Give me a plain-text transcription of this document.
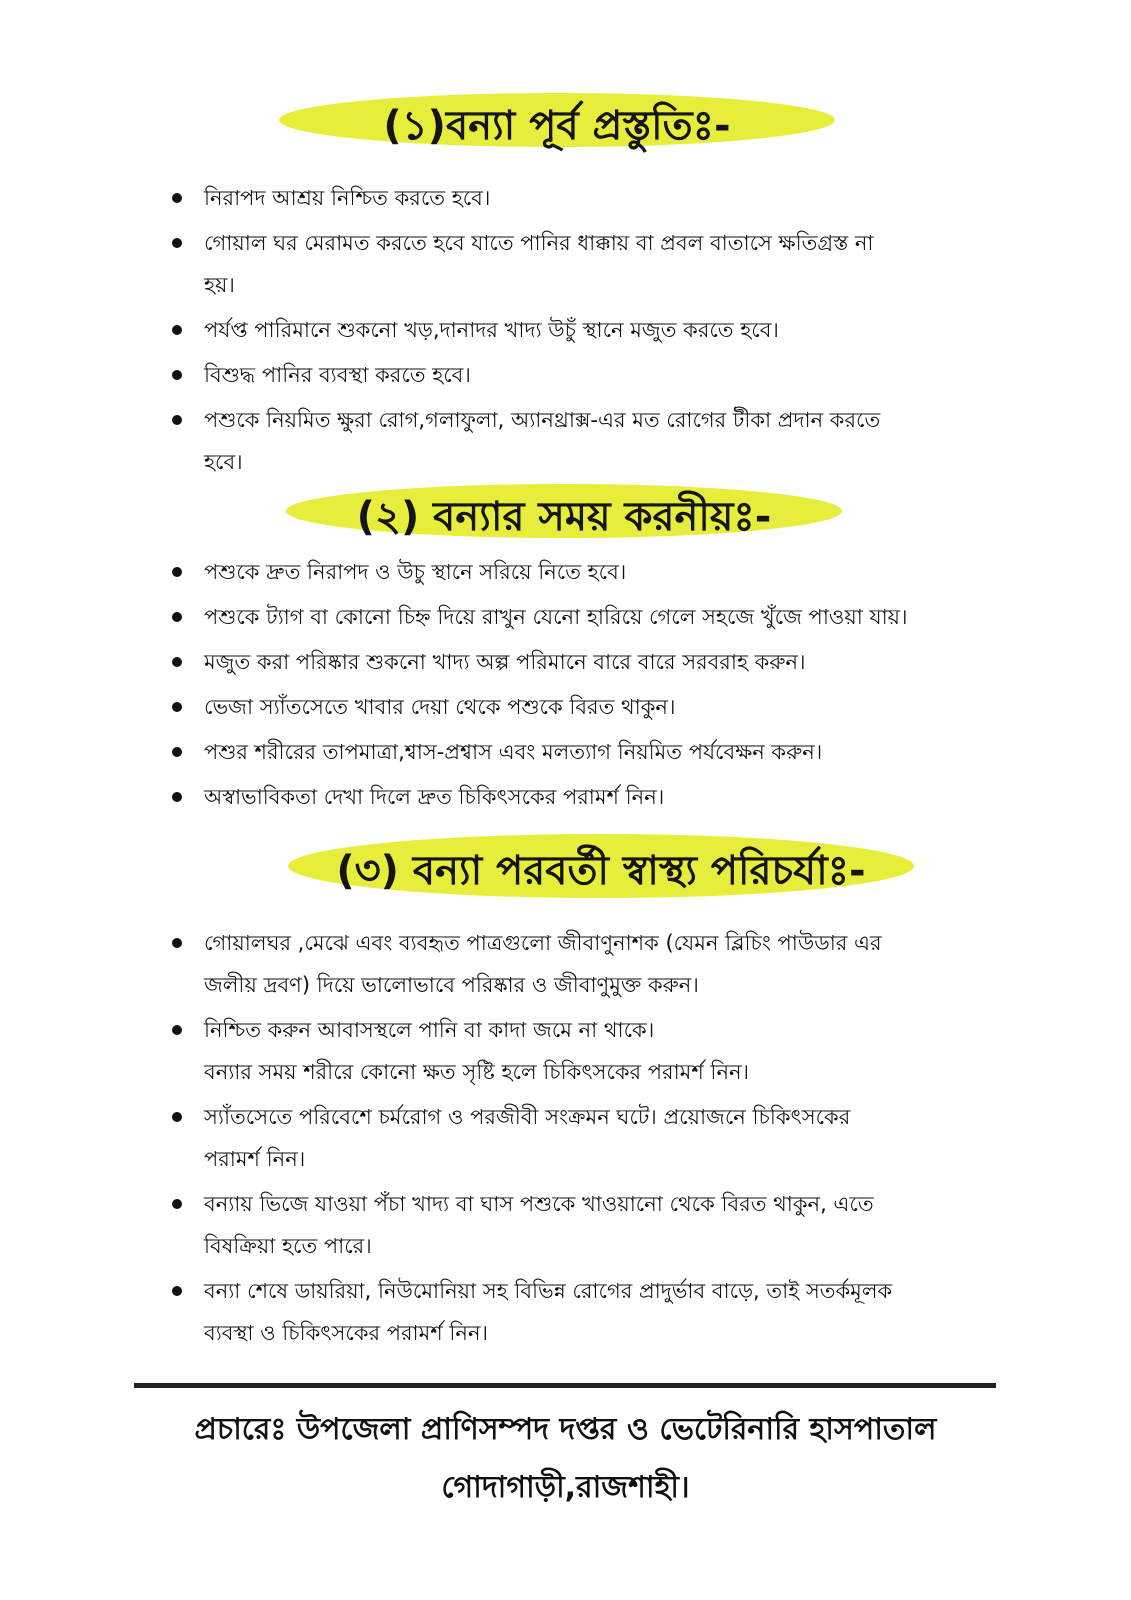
(১)বন্যা পূর্ব প্রস্তুতিঃ-
নিরাপদ আশ্রয় নিশ্চিত করতে হবে।
গোয়াল ঘর মেরামত করতে হবে যাতে পানির ধাক্কায় বা প্রবল বাতাসে ক্ষতিগ্রস্ত না
হয়।
পর্যপ্ত পারিমানে শুকনো খড়,দানাদর খাদ্য উচুঁ স্থানে মজুত করতে হবে।
বিশুদ্ধ পানির ব্যবস্থা করতে হবে।
পশুকে নিয়মিত ক্ষুরা রোগ,গলাফুলা, অ্যানথ্রাক্স-এর মত রোগের টীকা প্রদান করতে
হবে।
(২) বন্যার সময় করনীয়ঃ-
পশুকে দ্রুত নিরাপদ ও উচু স্থানে সরিয়ে নিতে হবে।
পশুকে ট্যাগ বা কোনো চিহ্ন দিয়ে রাখুন যেনো হারিয়ে গেলে সহজে খুঁজে পাওয়া যায়।
মজুত করা পরিষ্কার শুকনো খাদ্য অল্প পরিমানে বারে বারে সরবরাহ করুন।
ভেজা স্যাঁতসেতে খাবার দেয়া থেকে পশুকে বিরত থাকুন।
পশুর শরীরের তাপমাত্রা,শ্বাস-প্রশ্বাস এবং মলত্যাগ নিয়মিত পর্যবেক্ষন করুন।
অস্বাভাবিকতা দেখা দিলে দ্রুত চিকিৎসকের পরামর্শ নিন।
(৩) বন্যা পরবর্তী স্বাস্থ্য পরিচর্যাঃ-
গোয়ালঘর ,মেঝে এবং ব্যবহৃত পাত্রগুলো জীবাণুনাশক (যেমন ব্লিচিং পাউডার এর
জলীয় দ্রবণ) দিয়ে ভালোভাবে পরিষ্কার ও জীবাণুমুক্ত করুন।
নিশ্চিত করুন আবাসস্থলে পানি বা কাদা জমে না থাকে।
বন্যার সময় শরীরে কোনো ক্ষত সৃষ্টি হলে চিকিৎসকের পরামর্শ নিন।
স্যাঁতসেতে পরিবেশে চর্মরোগ ও পরজীবী সংক্রমন ঘটে। প্রয়োজনে চিকিৎসকের
পরামর্শ নিন।
বন্যায় ভিজে যাওয়া পঁচা খাদ্য বা ঘাস পশুকে খাওয়ানো থেকে বিরত থাকুন, এতে
বিষক্রিয়া হতে পারে।
বন্যা শেষে ডায়রিয়া, নিউমোনিয়া সহ বিভিন্ন রোগের প্রাদুর্ভাব বাড়ে, তাই সতর্কমূলক
ব্যবস্থা ও চিকিৎসকের পরামর্শ নিন।
প্রচারেঃ উপজেলা প্রাণিসম্পদ দপ্তর ও ভেটেরিনারি হাসপাতাল
গোদাগাড়ী,রাজশাহী।
